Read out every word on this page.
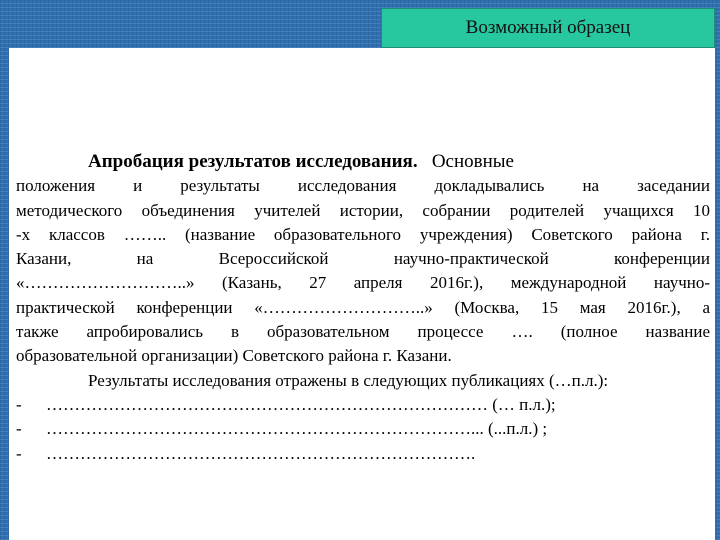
Возможный образец

Апробация результатов исследования. Основные

положения и результаты исследования докладывались на заседании

методического объединения учителей истории, собрании родителей учащихся 10

-х классов …….. (название образовательного учреждения) Советского района г.

Казани, на Всероссийской научно-практической конференции

«………………………..» (Казань, 27 апреля 2016г.), международной научно-

практической конференции «………………………..» (Москва, 15 мая 2016г.), а

также апробировались в образовательном процессе …. (полное название

образовательной организации) Советского района г. Казани.

Результаты исследования отражены в следующих публикациях (…п.л.):

-	…………………………………………………………………… (… п.л.);
-	…………………………………………………………………... (...п.л.) ;
-	………………………………………………………………….
